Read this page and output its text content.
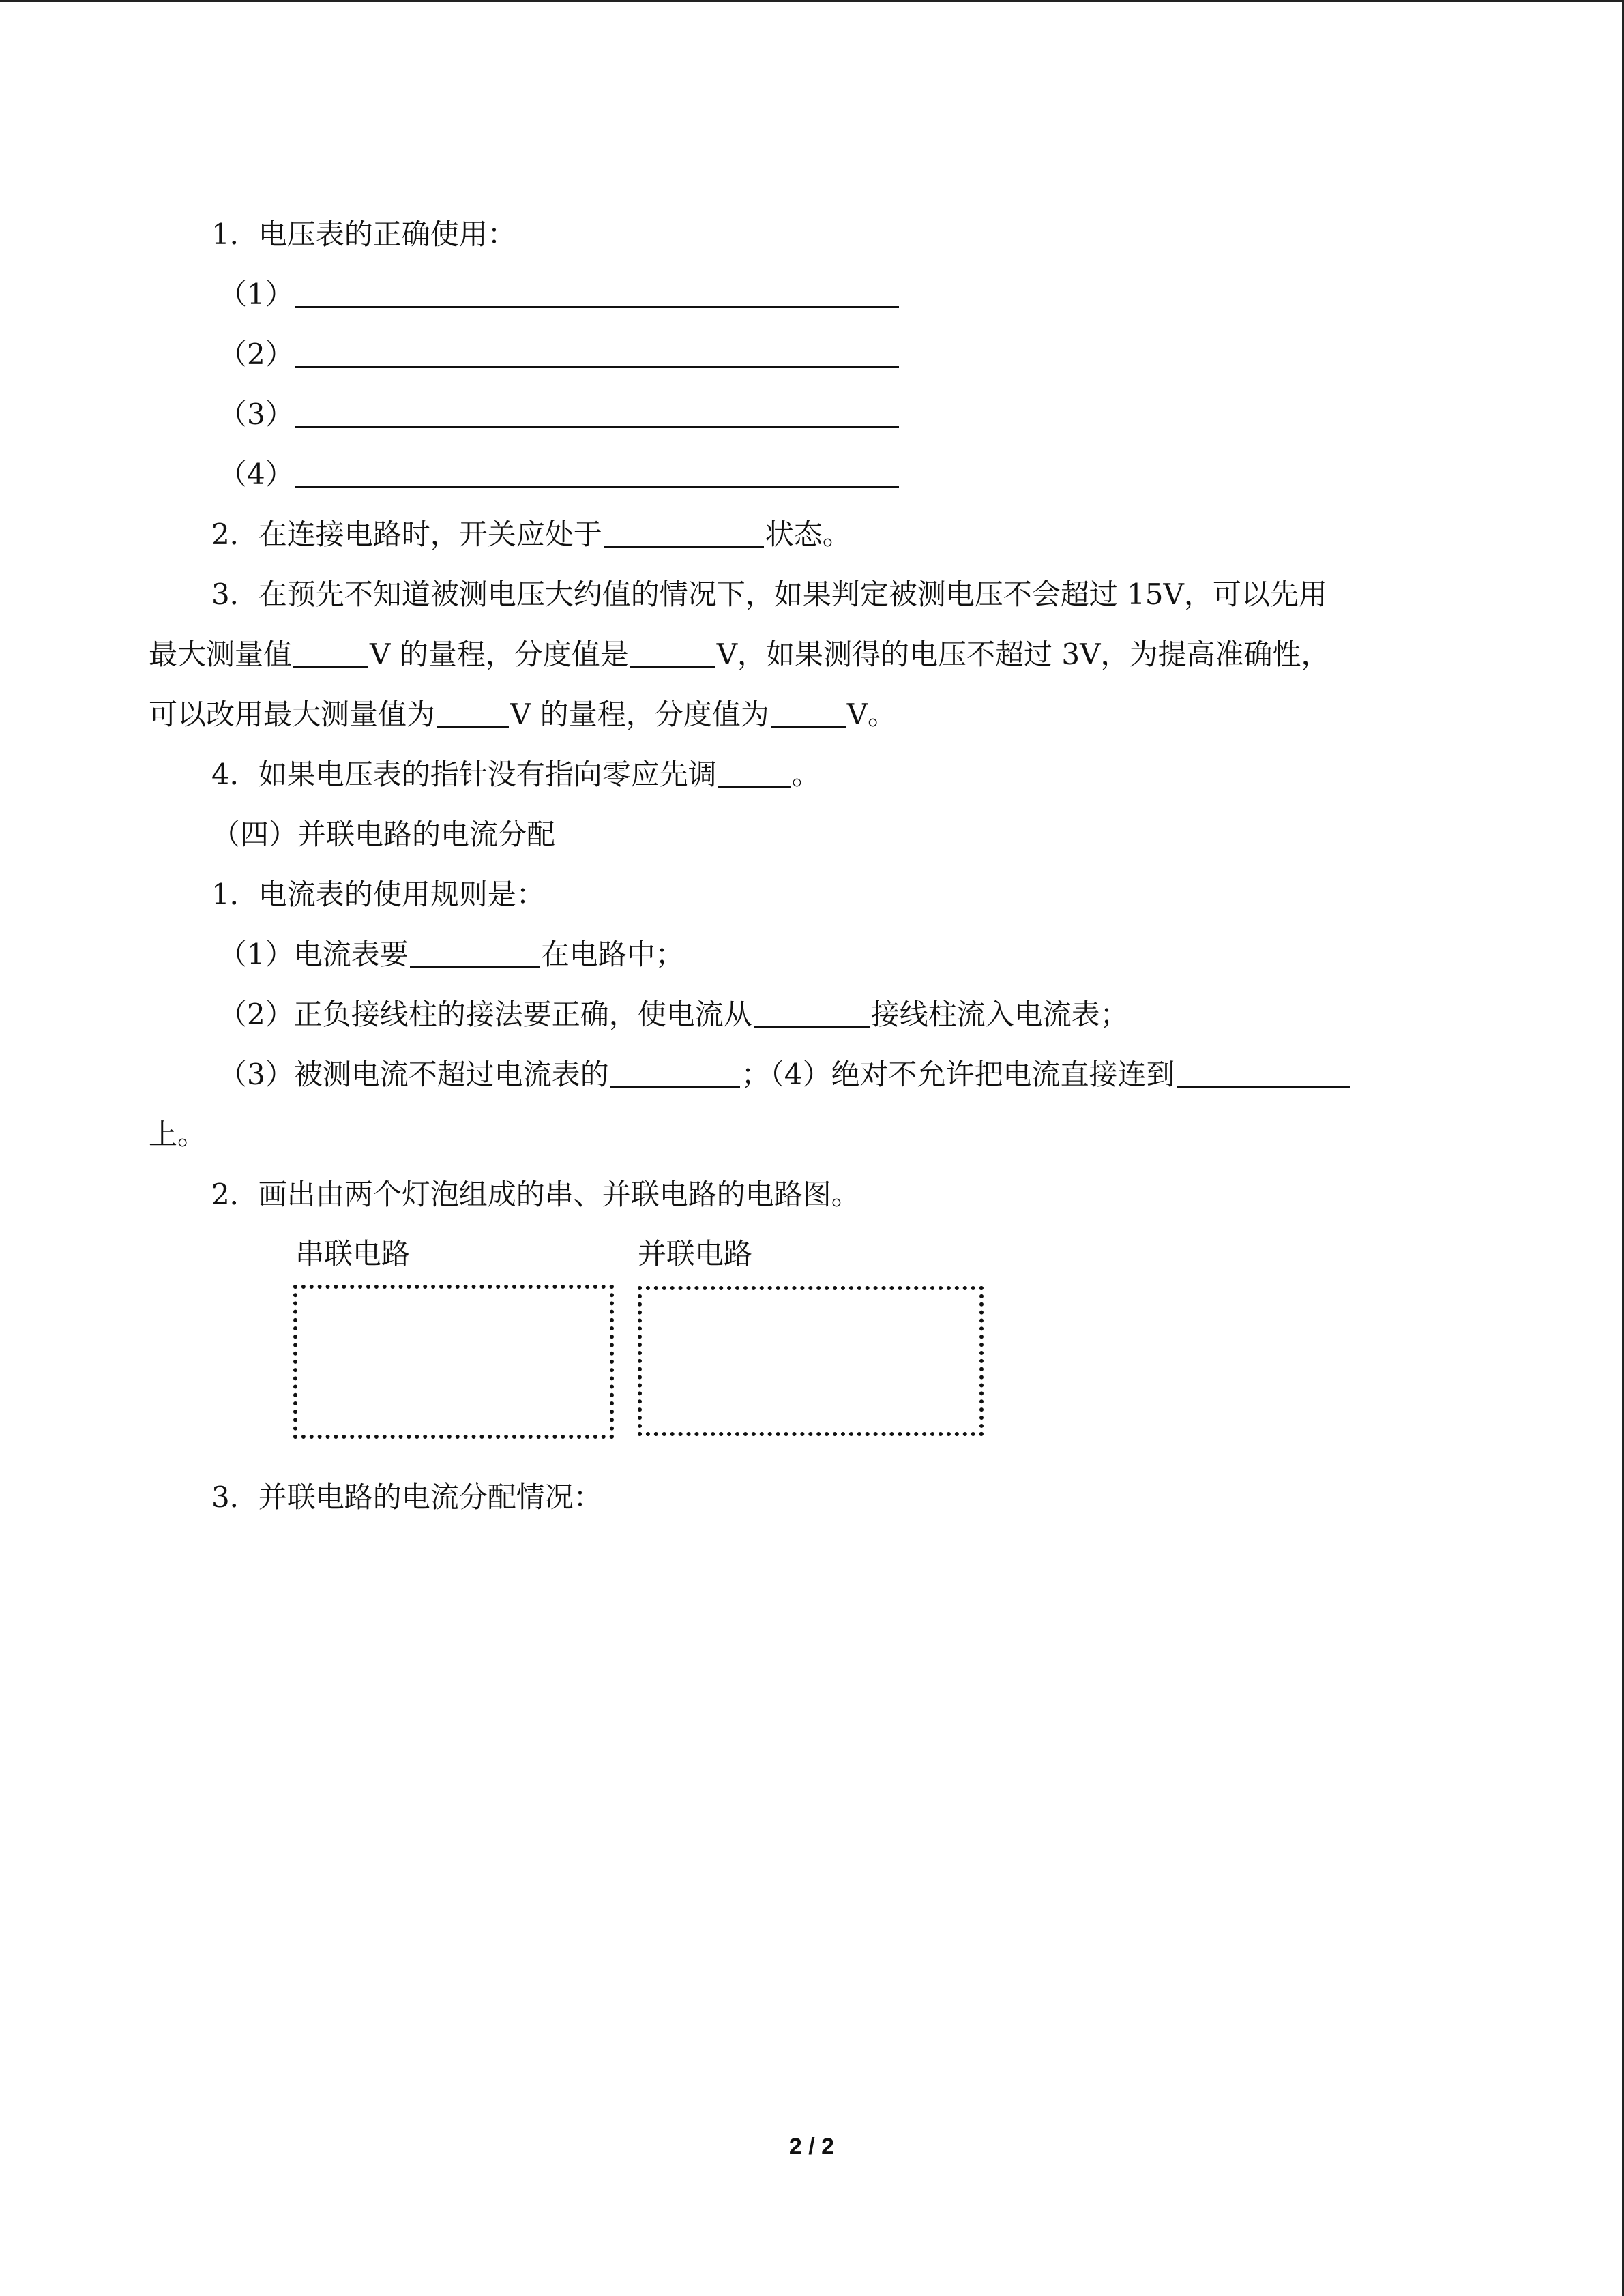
1．电压表的正确使用：
（1）
（2）
（3）
（4）
2．在连接电路时，开关应处于	状态。
3．在预先不知道被测电压大约值的情况下，如果判定被测电压不会超过 15V，可以先用
最大测量值	V 的量程，分度值是	V，如果测得的电压不超过 3V，为提高准确性，
可以改用最大测量值为	V 的量程，分度值为	V。
4．如果电压表的指针没有指向零应先调	。
（四）并联电路的电流分配
1．电流表的使用规则是：
（1）电流表要	在电路中；
（2）正负接线柱的接法要正确，使电流从	接线柱流入电流表；
（3）被测电流不超过电流表的	；（4）绝对不允许把电流直接连到
上。
2．画出由两个灯泡组成的串、并联电路的电路图。
串联电路	并联电路
3．并联电路的电流分配情况：
2 / 2
